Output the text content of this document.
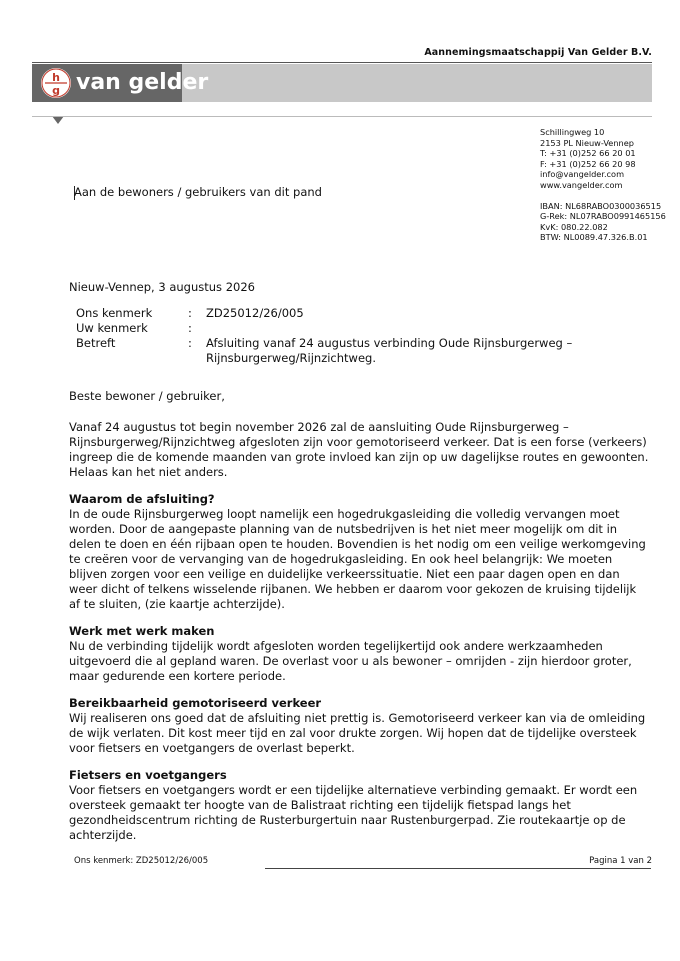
Aannemingsmaatschappij Van Gelder B.V.
h
g van gelder
Schillingweg 10
2153 PL Nieuw-Vennep
T: +31 (0)252 66 20 01
F: +31 (0)252 66 20 98
info@vangelder.com
www.vangelder.com
IBAN: NL68RABO0300036515
G-Rek: NL07RABO0991465156
KvK: 080.22.082
BTW: NL0089.47.326.B.01
Aan de bewoners / gebruikers van dit pand
Nieuw-Vennep, 3 augustus 2026
Ons kenmerk	: ZD25012/26/005
Uw kenmerk	:
Betreft	: Afsluiting vanaf 24 augustus verbinding Oude Rijnsburgerweg –
Rijnsburgerweg/Rijnzichtweg.
Beste bewoner / gebruiker,

Vanaf 24 augustus tot begin november 2026 zal de aansluiting Oude Rijnsburgerweg – Rijnsburgerweg/Rijnzichtweg afgesloten zijn voor gemotoriseerd verkeer. Dat is een forse (verkeers) ingreep die de komende maanden van grote invloed kan zijn op uw dagelijkse routes en gewoonten. Helaas kan het niet anders.

Waarom de afsluiting?

In de oude Rijnsburgerweg loopt namelijk een hogedrukgasleiding die volledig vervangen moet worden. Door de aangepaste planning van de nutsbedrijven is het niet meer mogelijk om dit in delen te doen en één rijbaan open te houden. Bovendien is het nodig om een veilige werkomgeving te creëren voor de vervanging van de hogedrukgasleiding. En ook heel belangrijk: We moeten blijven zorgen voor een veilige en duidelijke verkeerssituatie. Niet een paar dagen open en dan weer dicht of telkens wisselende rijbanen. We hebben er daarom voor gekozen de kruising tijdelijk af te sluiten, (zie kaartje achterzijde).

Werk met werk maken

Nu de verbinding tijdelijk wordt afgesloten worden tegelijkertijd ook andere werkzaamheden uitgevoerd die al gepland waren. De overlast voor u als bewoner – omrijden - zijn hierdoor groter, maar gedurende een kortere periode.

Bereikbaarheid gemotoriseerd verkeer

Wij realiseren ons goed dat de afsluiting niet prettig is. Gemotoriseerd verkeer kan via de omleiding de wijk verlaten. Dit kost meer tijd en zal voor drukte zorgen. Wij hopen dat de tijdelijke oversteek voor fietsers en voetgangers de overlast beperkt.

Fietsers en voetgangers

Voor fietsers en voetgangers wordt er een tijdelijke alternatieve verbinding gemaakt. Er wordt een oversteek gemaakt ter hoogte van de Balistraat richting een tijdelijk fietspad langs het gezondheidscentrum richting de Rusterburgertuin naar Rustenburgerpad. Zie routekaartje op de achterzijde.

Ons kenmerk: ZD25012/26/005	Pagina 1 van 2
